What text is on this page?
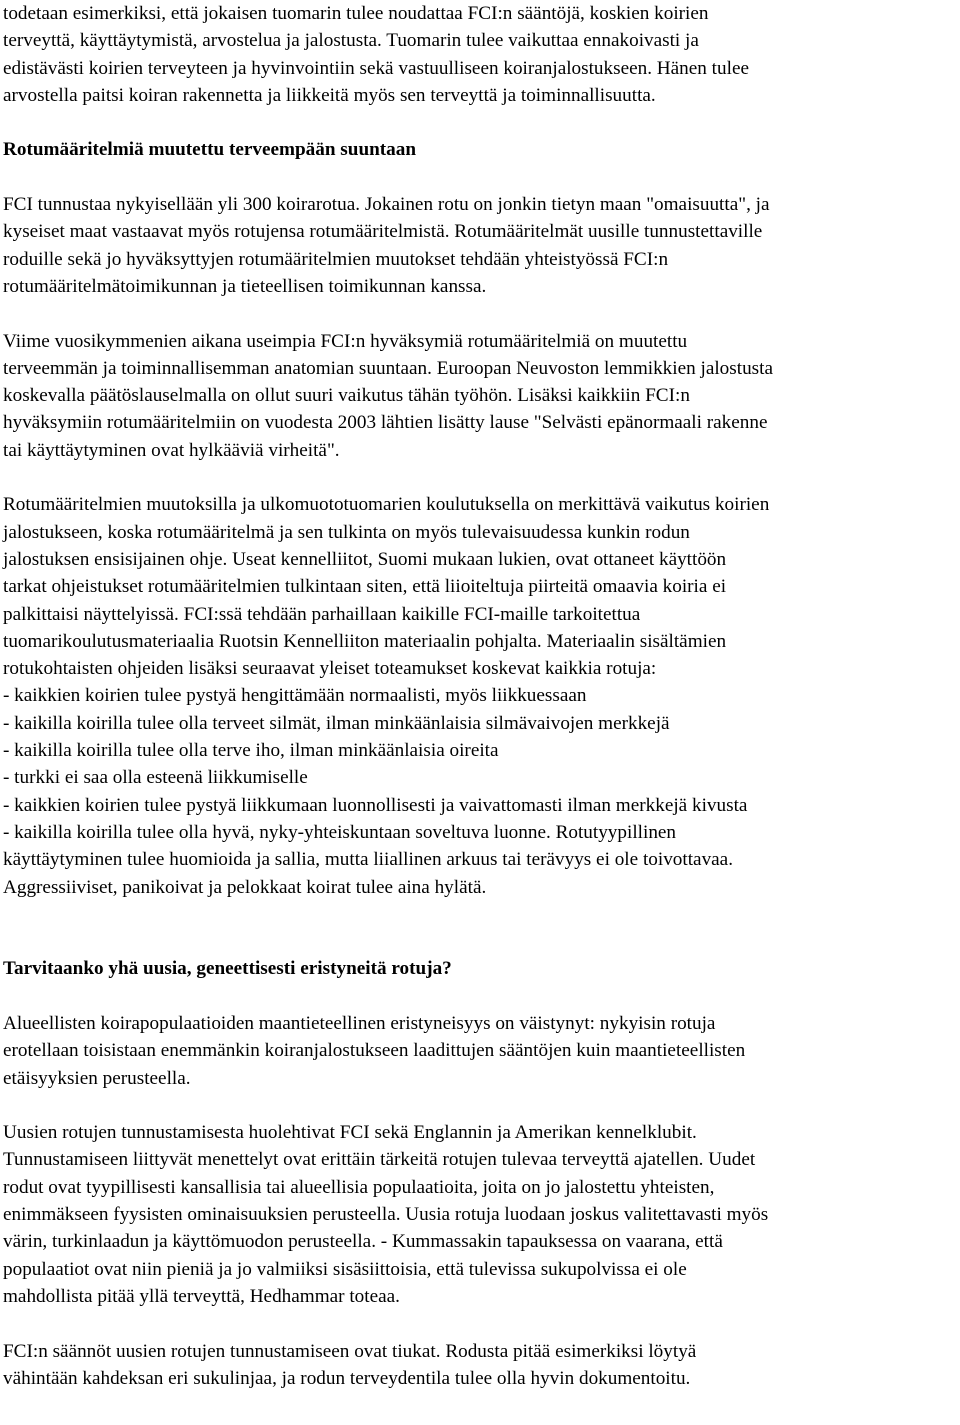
todetaan esimerkiksi, että jokaisen tuomarin tulee noudattaa FCI:n sääntöjä, koskien koirien
terveyttä, käyttäytymistä, arvostelua ja jalostusta. Tuomarin tulee vaikuttaa ennakoivasti ja
edistävästi koirien terveyteen ja hyvinvointiin sekä vastuulliseen koiranjalostukseen. Hänen tulee
arvostella paitsi koiran rakennetta ja liikkeitä myös sen terveyttä ja toiminnallisuutta.
Rotumääritelmiä muutettu terveempään suuntaan
FCI tunnustaa nykyisellään yli 300 koirarotua. Jokainen rotu on jonkin tietyn maan "omaisuutta", ja
kyseiset maat vastaavat myös rotujensa rotumääritelmistä. Rotumääritelmät uusille tunnustettaville
roduille sekä jo hyväksyttyjen rotumääritelmien muutokset tehdään yhteistyössä FCI:n
rotumääritelmätoimikunnan ja tieteellisen toimikunnan kanssa.
Viime vuosikymmenien aikana useimpia FCI:n hyväksymiä rotumääritelmiä on muutettu
terveemmän ja toiminnallisemman anatomian suuntaan. Euroopan Neuvoston lemmikkien jalostusta
koskevalla päätöslauselmalla on ollut suuri vaikutus tähän työhön. Lisäksi kaikkiin FCI:n
hyväksymiin rotumääritelmiin on vuodesta 2003 lähtien lisätty lause "Selvästi epänormaali rakenne
tai käyttäytyminen ovat hylkääviä virheitä".
Rotumääritelmien muutoksilla ja ulkomuototuomarien koulutuksella on merkittävä vaikutus koirien
jalostukseen, koska rotumääritelmä ja sen tulkinta on myös tulevaisuudessa kunkin rodun
jalostuksen ensisijainen ohje. Useat kennelliitot, Suomi mukaan lukien, ovat ottaneet käyttöön
tarkat ohjeistukset rotumääritelmien tulkintaan siten, että liioiteltuja piirteitä omaavia koiria ei
palkittaisi näyttelyissä. FCI:ssä tehdään parhaillaan kaikille FCI-maille tarkoitettua
tuomarikoulutusmateriaalia Ruotsin Kennelliiton materiaalin pohjalta. Materiaalin sisältämien
rotukohtaisten ohjeiden lisäksi seuraavat yleiset toteamukset koskevat kaikkia rotuja:
- kaikkien koirien tulee pystyä hengittämään normaalisti, myös liikkuessaan
- kaikilla koirilla tulee olla terveet silmät, ilman minkäänlaisia silmävaivojen merkkejä
- kaikilla koirilla tulee olla terve iho, ilman minkäänlaisia oireita
- turkki ei saa olla esteenä liikkumiselle
- kaikkien koirien tulee pystyä liikkumaan luonnollisesti ja vaivattomasti ilman merkkejä kivusta
- kaikilla koirilla tulee olla hyvä, nyky-yhteiskuntaan soveltuva luonne. Rotutyypillinen
käyttäytyminen tulee huomioida ja sallia, mutta liiallinen arkuus tai terävyys ei ole toivottavaa.
Aggressiiviset, panikoivat ja pelokkaat koirat tulee aina hylätä.
Tarvitaanko yhä uusia, geneettisesti eristyneitä rotuja?
Alueellisten koirapopulaatioiden maantieteellinen eristyneisyys on väistynyt: nykyisin rotuja
erotellaan toisistaan enemmänkin koiranjalostukseen laadittujen sääntöjen kuin maantieteellisten
etäisyyksien perusteella.
Uusien rotujen tunnustamisesta huolehtivat FCI sekä Englannin ja Amerikan kennelklubit.
Tunnustamiseen liittyvät menettelyt ovat erittäin tärkeitä rotujen tulevaa terveyttä ajatellen. Uudet
rodut ovat tyypillisesti kansallisia tai alueellisia populaatioita, joita on jo jalostettu yhteisten,
enimmäkseen fyysisten ominaisuuksien perusteella. Uusia rotuja luodaan joskus valitettavasti myös
värin, turkinlaadun ja käyttömuodon perusteella. - Kummassakin tapauksessa on vaarana, että
populaatiot ovat niin pieniä ja jo valmiiksi sisäsiittoisia, että tulevissa sukupolvissa ei ole
mahdollista pitää yllä terveyttä, Hedhammar toteaa.
FCI:n säännöt uusien rotujen tunnustamiseen ovat tiukat. Rodusta pitää esimerkiksi löytyä
vähintään kahdeksan eri sukulinjaa, ja rodun terveydentila tulee olla hyvin dokumentoitu.
